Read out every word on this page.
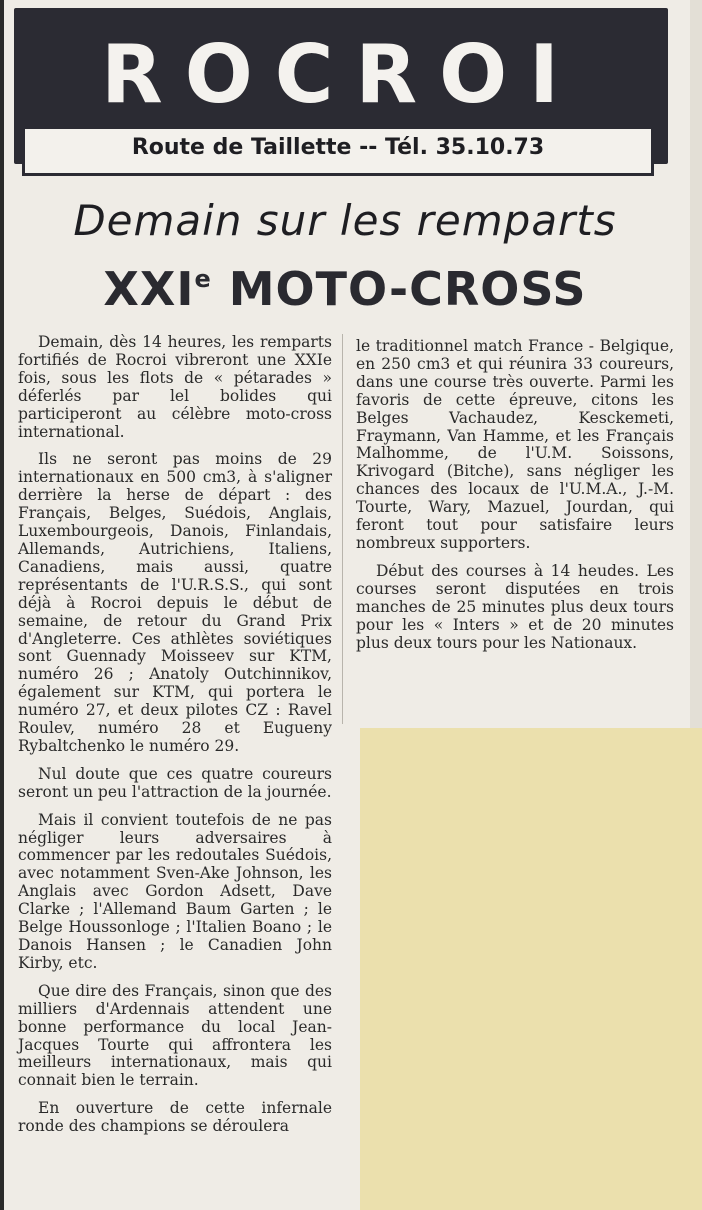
ROCROI
Route de Taillette -- Tél. 35.10.73
Demain sur les remparts
XXIe MOTO-CROSS

Demain, dès 14 heures, les remparts fortifiés de Rocroi vibreront une XXIe fois, sous les flots de « pétarades » déferlés par lel bolides qui participeront au célèbre moto-cross international.

Ils ne seront pas moins de 29 internationaux en 500 cm3, à s'aligner derrière la herse de départ : des Français, Belges, Suédois, Anglais, Luxembourgeois, Danois, Finlandais, Allemands, Autrichiens, Italiens, Canadiens, mais aussi, quatre représentants de l'U.R.S.S., qui sont déjà à Rocroi depuis le début de semaine, de retour du Grand Prix d'Angleterre. Ces athlètes soviétiques sont Guennady Moisseev sur KTM, numéro 26 ; Anatoly Outchinnikov, également sur KTM, qui portera le numéro 27, et deux pilotes CZ : Ravel Roulev, numéro 28 et Eugueny Rybaltchenko le numéro 29.

Nul doute que ces quatre coureurs seront un peu l'attraction de la journée.

Mais il convient toutefois de ne pas négliger leurs adversaires à commencer par les redoutales Suédois, avec notamment Sven-Ake Johnson, les Anglais avec Gordon Adsett, Dave Clarke ; l'Allemand Baum Garten ; le Belge Houssonloge ; l'Italien Boano ; le Danois Hansen ; le Canadien John Kirby, etc.

Que dire des Français, sinon que des milliers d'Ardennais attendent une bonne performance du local Jean-Jacques Tourte qui affrontera les meilleurs internationaux, mais qui connait bien le terrain.

En ouverture de cette infernale ronde des champions se déroulera

le traditionnel match France - Belgique, en 250 cm3 et qui réunira 33 coureurs, dans une course très ouverte. Parmi les favoris de cette épreuve, citons les Belges Vachaudez, Kesckemeti, Fraymann, Van Hamme, et les Français Malhomme, de l'U.M. Soissons, Krivogard (Bitche), sans négliger les chances des locaux de l'U.M.A., J.-M. Tourte, Wary, Mazuel, Jourdan, qui feront tout pour satisfaire leurs nombreux supporters.

Début des courses à 14 heudes. Les courses seront disputées en trois manches de 25 minutes plus deux tours pour les « Inters » et de 20 minutes plus deux tours pour les Nationaux.
